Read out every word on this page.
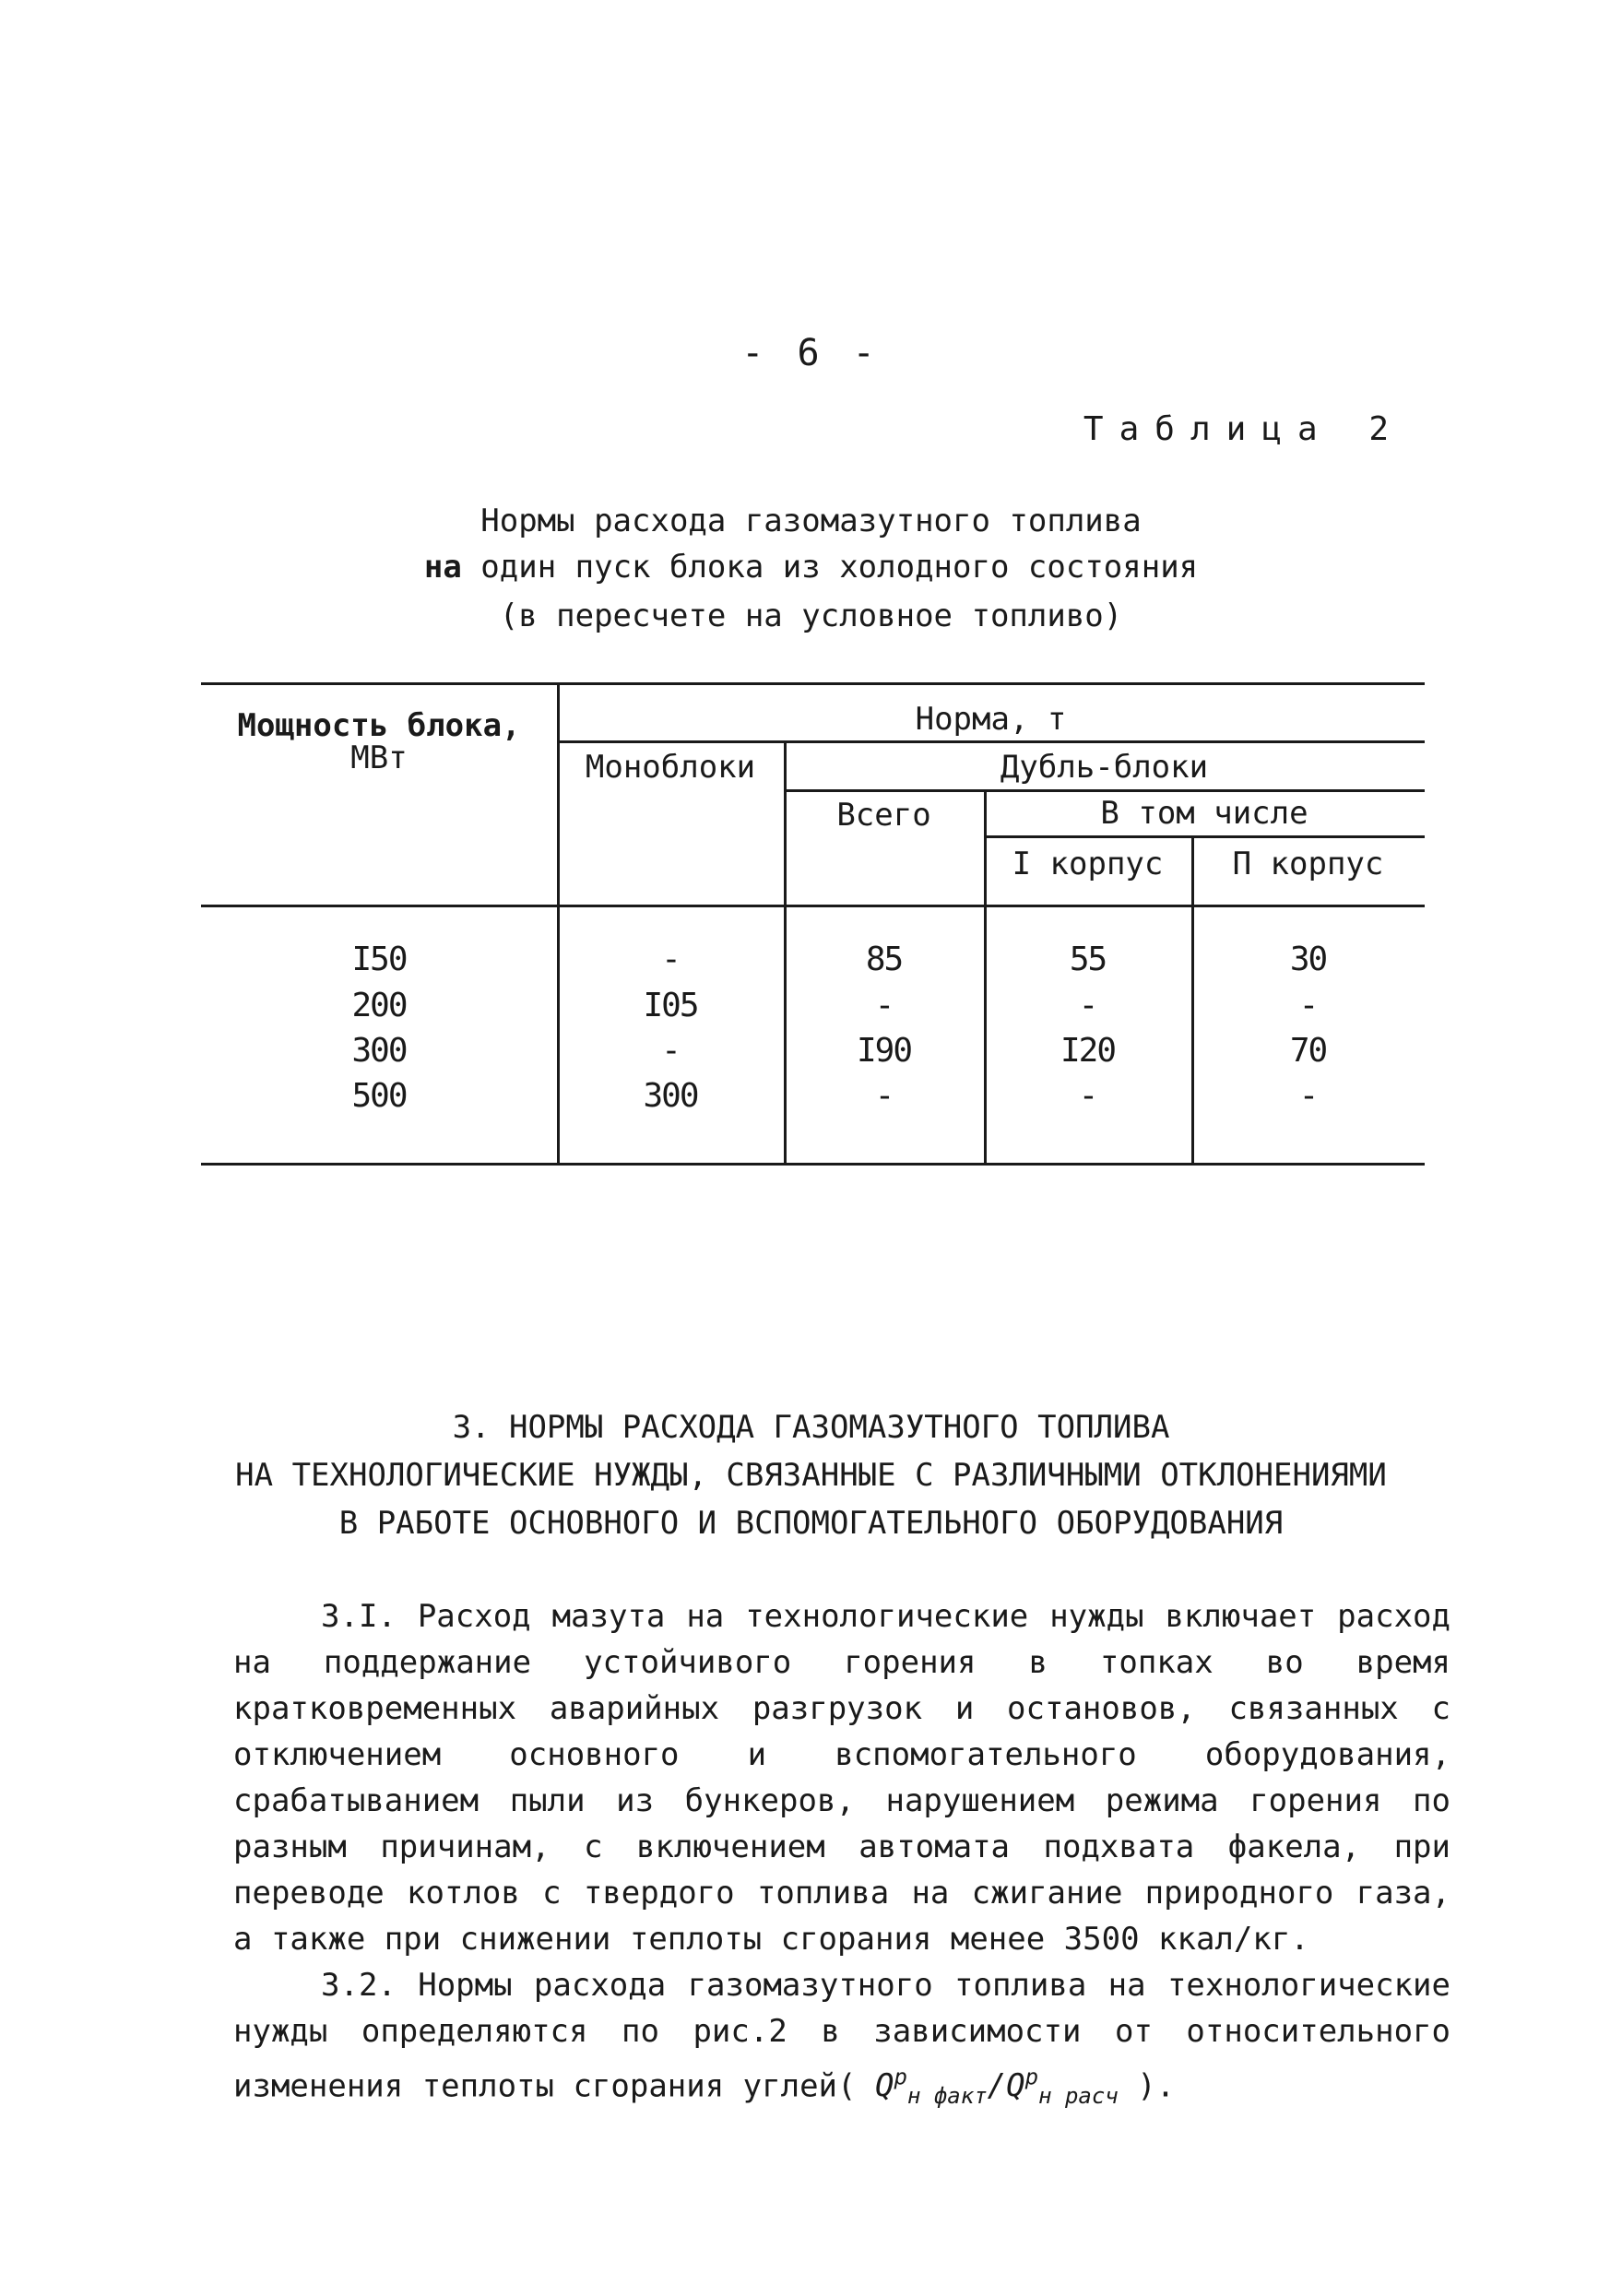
- 6 -
Таблица 2
Нормы расхода газомазутного топлива
на один пуск блока из холодного состояния
(в пересчете на условное топливо)
Мощность блока,
МВт
Норма, т
Моноблоки	Дубль-блоки
Всего	В том числе
I корпус	П корпус
I50	-	85	55	30
200	I05	-	-	-
300	-	I90	I20	70
500	300	-	-	-
3. НОРМЫ РАСХОДА ГАЗОМАЗУТНОГО ТОПЛИВА
НА ТЕХНОЛОГИЧЕСКИЕ НУЖДЫ, СВЯЗАННЫЕ С РАЗЛИЧНЫМИ ОТКЛОНЕНИЯМИ
В РАБОТЕ ОСНОВНОГО И ВСПОМОГАТЕЛЬНОГО ОБОРУДОВАНИЯ
3.I. Расход мазута на технологические нужды включает расход на поддержание устойчивого горения в топках во время кратковременных аварийных разгрузок и остановов, связанных с отключением основного и вспомогательного оборудования, срабатыванием пыли из бункеров, нарушением режима горения по разным причинам, с включением автомата подхвата факела, при переводе котлов с твердого топлива на сжигание природного газа, а также при снижении теплоты сгорания менее 3500 ккал/кг.
3.2. Нормы расхода газомазутного топлива на технологические нужды определяются по рис.2 в зависимости от относительного изменения теплоты сгорания углей( $Q^р_{н факт}/Q^р_{н расч}$ ).
